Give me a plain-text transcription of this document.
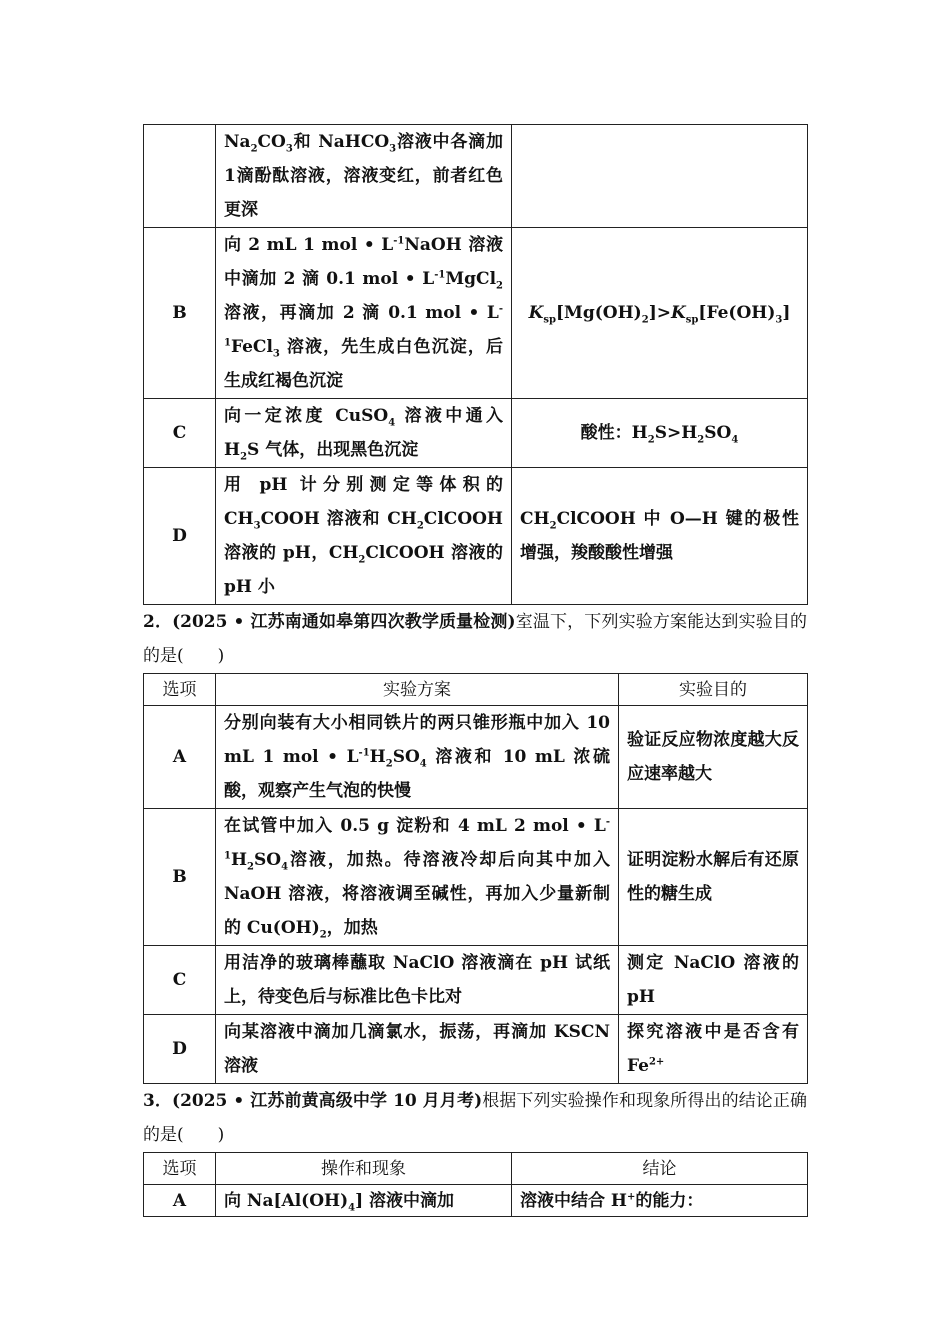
	$Na_2CO_3$和 NaHCO$_3$溶液中各滴加1滴酚酞溶液，溶液变红，前者红色更深	
B	向 2 mL 1 mol • $L^{-1}NaOH$ 溶液中滴加 2 滴 0.1 mol • $L^{-1}MgCl_2$ 溶液，再滴加 2 滴 0.1 mol • $L^{-1}FeCl_3$ 溶液，先生成白色沉淀，后生成红褐色沉淀	$K_{sp}[Mg(OH)_2]>K_{sp}[Fe(OH)_3]$
C	向一定浓度 CuSO$_4$ 溶液中通入 $H_2S$ 气体，出现黑色沉淀	酸性：$H_2S>H_2SO_4$
D	用 pH 计分别测定等体积的 $CH_3COOH$ 溶液和 $CH_2ClCOOH$ 溶液的 pH，$CH_2ClCOOH$ 溶液的 pH 小	$CH_2ClCOOH$ 中 O—H 键的极性增强，羧酸酸性增强

2．(2025 • 江苏南通如皋第四次教学质量检测)室温下，下列实验方案能达到实验目的的是(　　)

选项	实验方案	实验目的
A	分别向装有大小相同铁片的两只锥形瓶中加入 10 mL 1 mol • $L^{-1}H_2SO_4$ 溶液和 10 mL 浓硫酸，观察产生气泡的快慢	验证反应物浓度越大反应速率越大
B	在试管中加入 0.5 g 淀粉和 4 mL 2 mol • $L^{-1}H_2SO_4$溶液，加热。待溶液冷却后向其中加入 NaOH 溶液，将溶液调至碱性，再加入少量新制的 $Cu(OH)_2$，加热	证明淀粉水解后有还原性的糖生成
C	用洁净的玻璃棒蘸取 NaClO 溶液滴在 pH 试纸上，待变色后与标准比色卡比对	测定 NaClO 溶液的 pH
D	向某溶液中滴加几滴氯水，振荡，再滴加 KSCN 溶液	探究溶液中是否含有 $Fe^{2+}$

3．(2025 • 江苏前黄高级中学 10 月月考)根据下列实验操作和现象所得出的结论正确的是(　　)

选项	操作和现象	结论
A	向 $Na[Al(OH)_4]$ 溶液中滴加	溶液中结合 H+的能力：
